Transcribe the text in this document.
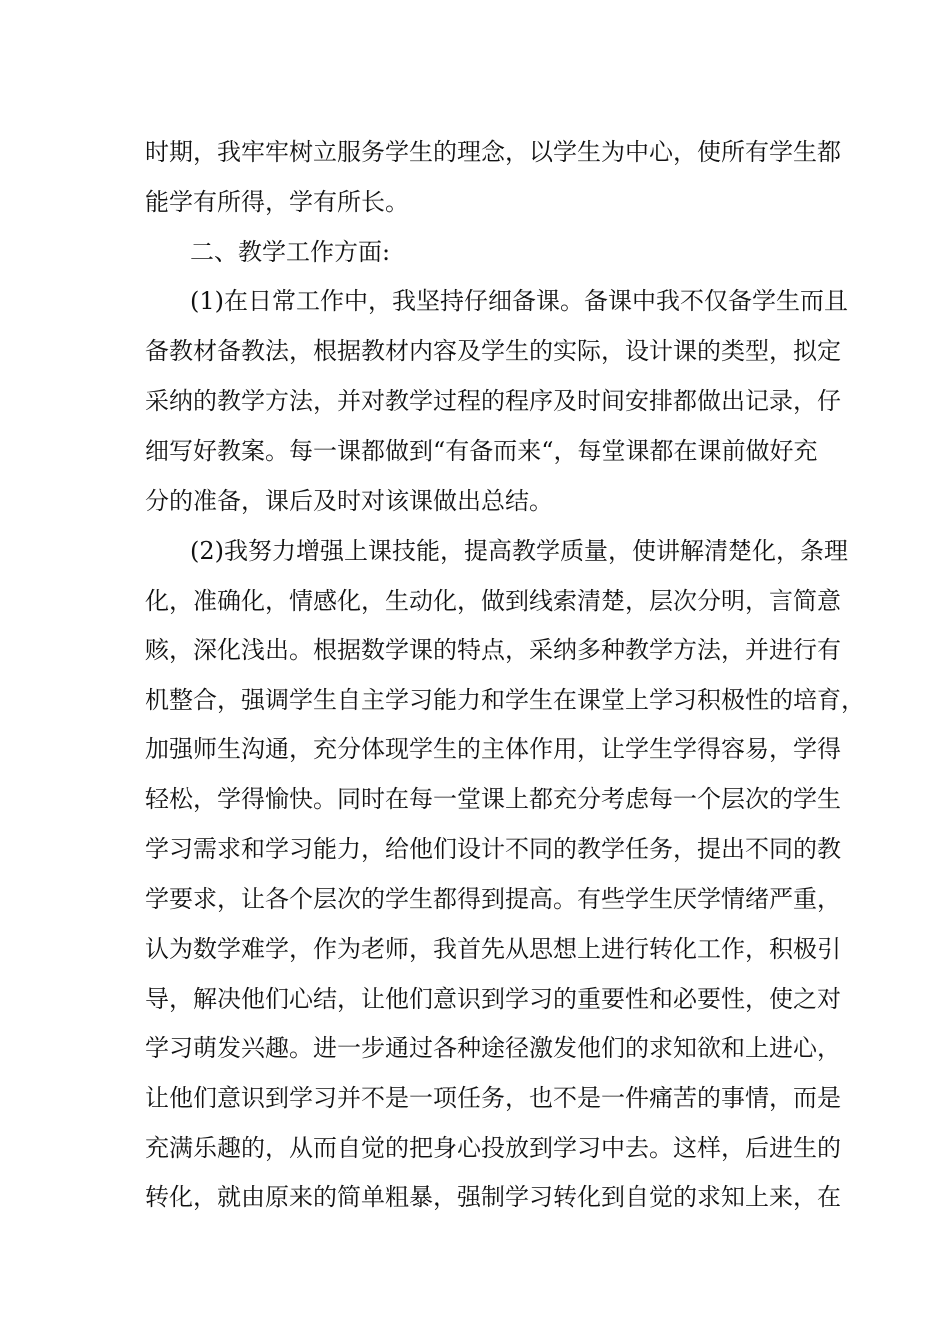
时期，我牢牢树立服务学生的理念，以学生为中心，使所有学生都
能学有所得，学有所长。
二、教学工作方面:
(1)在日常工作中，我坚持仔细备课。备课中我不仅备学生而且
备教材备教法，根据教材内容及学生的实际，设计课的类型，拟定
采纳的教学方法，并对教学过程的程序及时间安排都做出记录，仔
细写好教案。每一课都做到“有备而来“，每堂课都在课前做好充
分的准备，课后及时对该课做出总结。
(2)我努力增强上课技能，提高教学质量，使讲解清楚化，条理
化，准确化，情感化，生动化，做到线索清楚，层次分明，言简意
赅，深化浅出。根据数学课的特点，采纳多种教学方法，并进行有
机整合，强调学生自主学习能力和学生在课堂上学习积极性的培育，
加强师生沟通，充分体现学生的主体作用，让学生学得容易，学得
轻松，学得愉快。同时在每一堂课上都充分考虑每一个层次的学生
学习需求和学习能力，给他们设计不同的教学任务，提出不同的教
学要求，让各个层次的学生都得到提高。有些学生厌学情绪严重，
认为数学难学，作为老师，我首先从思想上进行转化工作，积极引
导，解决他们心结，让他们意识到学习的重要性和必要性，使之对
学习萌发兴趣。进一步通过各种途径激发他们的求知欲和上进心，
让他们意识到学习并不是一项任务，也不是一件痛苦的事情，而是
充满乐趣的，从而自觉的把身心投放到学习中去。这样，后进生的
转化，就由原来的简单粗暴，强制学习转化到自觉的求知上来，在
